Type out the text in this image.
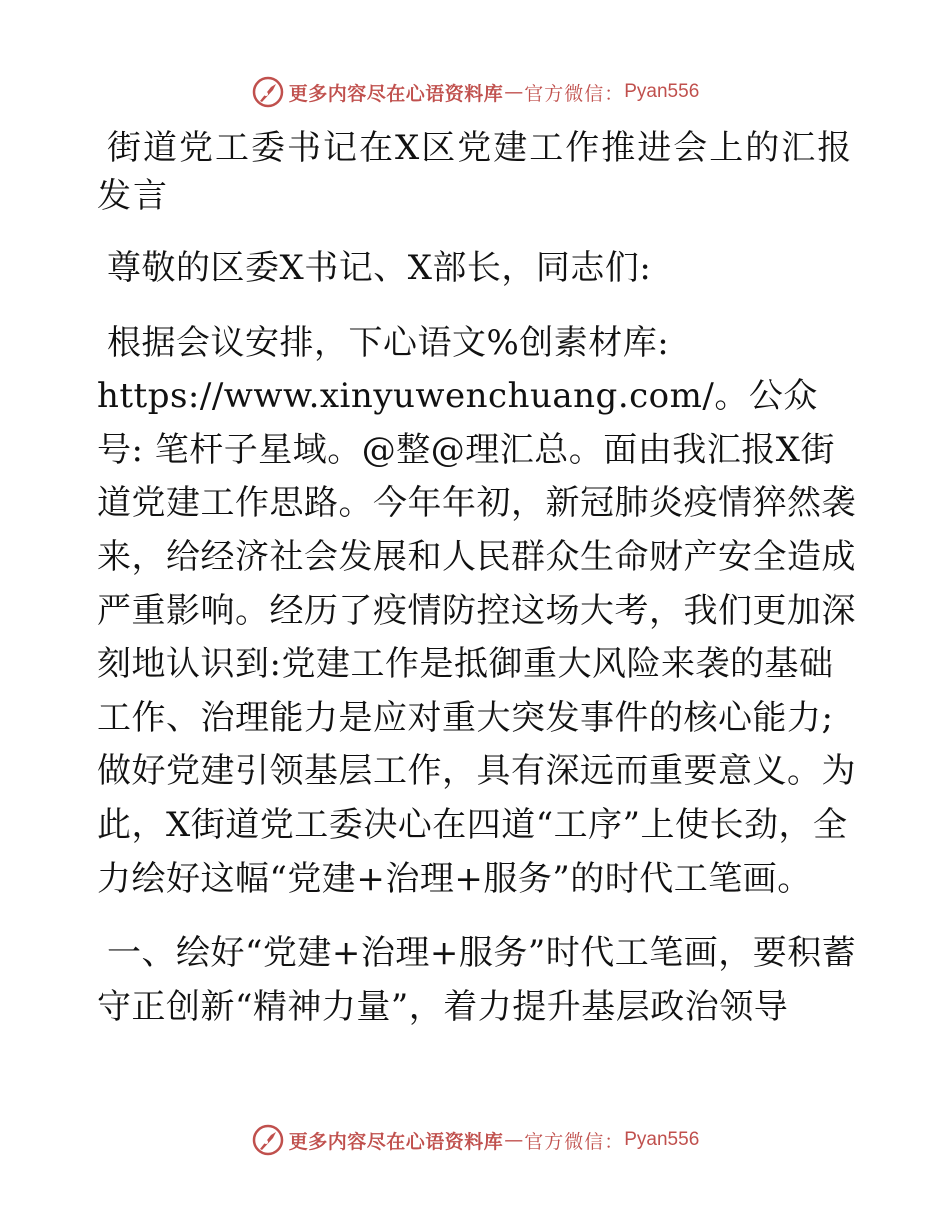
更多内容尽在心语资料库 — 官方微信： Pyan556

街道党工委书记在X区党建工作推进会上的汇报发言

尊敬的区委X书记、X部长，同志们:

根据会议安排，下心语文%创素材库: https://www.xinyuwenchuang.com/。公众号: 笔杆子星域。@整@理汇总。面由我汇报X街道党建工作思路。今年年初，新冠肺炎疫情猝然袭来，给经济社会发展和人民群众生命财产安全造成严重影响。经历了疫情防控这场大考，我们更加深刻地认识到:党建工作是抵御重大风险来袭的基础工作、治理能力是应对重大突发事件的核心能力;做好党建引领基层工作，具有深远而重要意义。为此，X街道党工委决心在四道“工序”上使长劲，全力绘好这幅“党建+治理+服务”的时代工笔画。

一、绘好“党建+治理+服务”时代工笔画，要积蓄守正创新“精神力量”，着力提升基层政治领导

更多内容尽在心语资料库 — 官方微信： Pyan556
